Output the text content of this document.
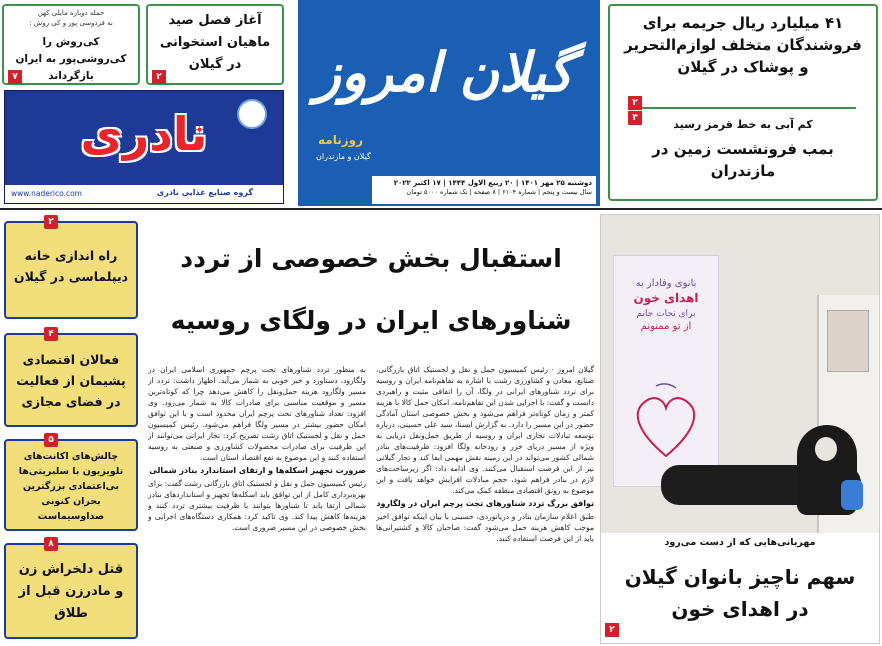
۴۱ میلیارد ریال جریمه برای فروشندگان متخلف لوازم‌التحریر و پوشاک در گیلان
۲
۳	کم آبی به خط قرمز رسید
بمب فرونشست زمین در مازندران
گیلان امروز
روزنامه
گیلان و مازندران
دوشنبه ۲۵ مهر ۱۴۰۱ | ۲۰ ربیع الاول ۱۴۴۴ | ۱۷ اکتبر ۲۰۲۲
سال بیست و پنجم | شماره ۶۱۰۴ | ۸ صفحه | تک شماره ۵۰۰۰ تومان
آغاز فصل صید ماهیان استخوانی در گیلان
۲
حمله دوباره مایلی کهن
به فردوسی پور و کی روش :
کی‌روش را کی‌روشی‌پور به ایران بازگرداند
۷
نادری
www.naderico.com	گروه صنایع غذایی نادری
۲
راه اندازی خانه دیپلماسی در گیلان
۴
فعالان اقتصادی پشیمان از فعالیت در فضای مجازی
۵
چالش‌های اکانت‌های تلویزیون با سلبریتی‌ها بی‌اعتمادی بزرگترین بحران کنونی صداوسیماست
۸
قتل دلخراش زن و مادرزن قبل از طلاق
استقبال بخش خصوصی از تردد
شناورهای ایران در ولگای روسیه
گیلان امروز - رئیس کمیسیون حمل و نقل و لجستیک اتاق بازرگانی، صنایع، معادن و کشاورزی رشت با اشاره به تفاهم‌نامه ایران و روسیه برای تردد شناورهای ایرانی در ولگا، آن را اتفاقی مثبت و راهبردی دانست و گفت: با اجرایی شدن این تفاهم‌نامه، امکان حمل کالا با هزینه کمتر و زمان کوتاه‌تر فراهم می‌شود و بخش خصوصی استان آمادگی حضور در این مسیر را دارد. به گزارش ایسنا، سید علی حسینی، درباره توسعه تبادلات تجاری ایران و روسیه از طریق حمل‌ونقل دریایی به ویژه از مسیر دریای خزر و رودخانه ولگا افزود: ظرفیت‌های بنادر شمالی کشور می‌تواند در این زمینه نقش مهمی ایفا کند و تجار گیلانی نیز از این فرصت استقبال می‌کنند. وی ادامه داد: اگر زیرساخت‌های لازم در بنادر فراهم شود، حجم مبادلات افزایش خواهد یافت و این موضوع به رونق اقتصادی منطقه کمک می‌کند.
توافق بزرگ تردد شناورهای تحت پرچم ایران در ولگارود
طبق اعلام سازمان بنادر و دریانوردی، حسینی با بیان اینکه توافق اخیر موجب کاهش هزینه حمل می‌شود گفت: صاحبان کالا و کشتیرانی‌ها باید از این فرصت استفاده کنند.
به منظور تردد شناورهای تحت پرچم جمهوری اسلامی ایران در ولگارود، دستاورد و خبر خوبی به شمار می‌آید. اظهار داشت: تردد از مسیر ولگارود هزینه حمل‌ونقل را کاهش می‌دهد چرا که کوتاه‌ترین مسیر و موقعیت مناسبی برای صادرات کالا به شمار می‌رود. وی افزود: تعداد شناورهای تحت پرچم ایران محدود است و با این توافق امکان حضور بیشتر در مسیر ولگا فراهم می‌شود. رئیس کمیسیون حمل و نقل و لجستیک اتاق رشت تصریح کرد: تجار ایرانی می‌توانند از این ظرفیت برای صادرات محصولات کشاورزی و صنعتی به روسیه استفاده کنند و این موضوع به نفع اقتصاد استان است.
ضرورت تجهیز اسکله‌ها و ارتقای استاندارد بنادر شمالی
رئیس کمیسیون حمل و نقل و لجستیک اتاق بازرگانی رشت گفت: برای بهره‌برداری کامل از این توافق باید اسکله‌ها تجهیز و استانداردهای بنادر شمالی ارتقا یابد تا شناورها بتوانند با ظرفیت بیشتری تردد کنند و هزینه‌ها کاهش پیدا کند. وی تاکید کرد: همکاری دستگاه‌های اجرایی و بخش خصوصی در این مسیر ضروری است.
بانوی وفادار به
اهدای خون
برای نجات جانم
از تو ممنونم
مهربانی‌هایی که از دست می‌رود
سهم ناچیز بانوان گیلان در اهدای خون
۲
